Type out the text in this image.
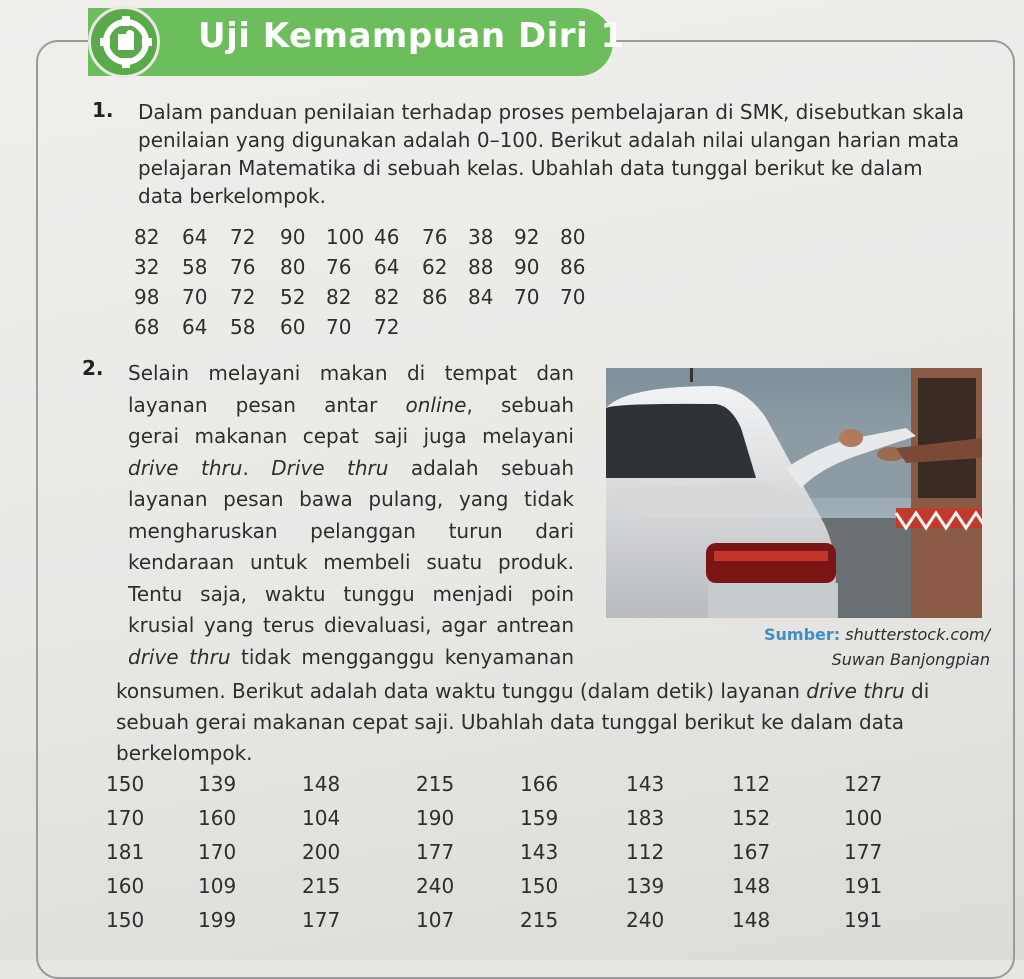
Uji Kemampuan Diri 1
1. Dalam panduan penilaian terhadap proses pembelajaran di SMK, disebutkan skala
penilaian yang digunakan adalah 0–100. Berikut adalah nilai ulangan harian mata
pelajaran Matematika di sebuah kelas. Ubahlah data tunggal berikut ke dalam
data berkelompok.
82 64 72 90 100 46 76 38 92 80
32 58 76 80 76 64 62 88 90 86
98 70 72 52 82 82 86 84 70 70
68 64 58 60 70 72
2. Selain melayani makan di tempat dan
layanan pesan antar online, sebuah
gerai makanan cepat saji juga melayani
drive thru. Drive thru adalah sebuah
layanan pesan bawa pulang, yang tidak
mengharuskan pelanggan turun dari
kendaraan untuk membeli suatu produk.
Tentu saja, waktu tunggu menjadi poin
krusial yang terus dievaluasi, agar antrean
drive thru tidak mengganggu kenyamanan
konsumen. Berikut adalah data waktu tunggu (dalam detik) layanan drive thru di
sebuah gerai makanan cepat saji. Ubahlah data tunggal berikut ke dalam data
berkelompok.
Sumber: shutterstock.com/
Suwan Banjongpian
150	139	148	215	166	143	112	127
170	160	104	190	159	183	152	100
181	170	200	177	143	112	167	177
160	109	215	240	150	139	148	191
150	199	177	107	215	240	148	191
